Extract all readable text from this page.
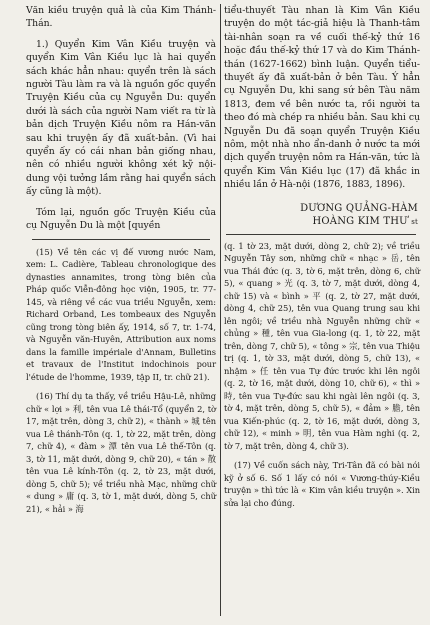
Văn kiều truyện quả là của Kim Thánh-Thán.

1.) Quyển Kim Vân Kiều truyện và quyển Kim Vân Kiều lục là hai quyển sách khác hẳn nhau: quyển trên là sách người Tàu làm ra và là nguồn gốc quyển Truyện Kiều của cụ Nguyễn Du: quyển dưới là sách của người Nam viết ra từ là bản dịch Truyện Kiều nôm ra Hán-văn sau khi truyện ấy đã xuất-bản. (Vì hai quyển ấy có cái nhan bản giống nhau, nên có nhiều người không xét kỹ nội-dung vội tưởng lầm rằng hai quyển sách ấy cũng là một).

Tóm lại, nguồn gốc Truyện Kiều của cụ Nguyễn Du là một [quyền

(15) Về tên các vị đế vương nước Nam, xem: L. Cadière, Tableau chronologique des dynasties annamites, trong tòng biên của Pháp quốc Viễn-đông học viện, 1905, tr. 77-145, và riêng về các vua triều Nguyễn, xem: Richard Orband, Les tombeaux des Nguyễn cũng trong tòng biên ấy, 1914, số 7, tr. 1-74, và Nguyễn văn-Huyên, Attribution aux noms dans la famille impériale d'Annam, Bulletins et travaux de l'Institut indochinois pour l'étude de l'homme, 1939, tập II, tr. chữ 21).

(16) Thí dụ ta thấy, về triều Hậu-Lê, những chữ « lợi » 利, tên vua Lê thái-Tổ (quyển 2, tờ 17, mặt trên, dòng 3, chữ 2), « thành » 城 tên vua Lê thánh-Tôn (q. 1, tờ 22, mặt trên, dòng 7, chữ 4), « đàm » 潭 tên vua Lê thế-Tôn (q. 3, tờ 11, mặt dưới, dòng 9, chữ 20), « tán » 散 tên vua Lê kính-Tôn (q. 2, tờ 23, mặt dưới, dòng 5, chữ 5); về triều nhà Mạc, những chữ « dung » 庸 (q. 3, tờ 1, mặt dưới, dòng 5, chữ 21), « hải » 海

tiểu-thuyết Tàu nhan là Kim Vân Kiều truyện do một tác-giả hiệu là Thanh-tâm tài-nhân soạn ra về cuối thế-kỷ thứ 16 hoặc đầu thế-kỷ thứ 17 và do Kim Thánh-thán (1627-1662) bình luận. Quyển tiểu-thuyết ấy đã xuất-bản ở bên Tàu. Ý hẳn cụ Nguyễn Du, khi sang sứ bên Tàu năm 1813, đem về bên nước ta, rồi người ta theo đó mà chép ra nhiều bản. Sau khi cụ Nguyễn Du đã soạn quyển Truyện Kiều nôm, một nhà nho ẩn-danh ở nước ta mới dịch quyển truyện nôm ra Hán-văn, tức là quyển Kim Vân Kiều lục (17) đã khắc in nhiều lần ở Hà-nội (1876, 1883, 1896).

DƯƠNG QUẢNG-HÀM

HOÀNG KIM THƯ st

(q. 1 tờ 23, mặt dưới, dòng 2, chữ 2); về triều Nguyễn Tây sơn, những chữ « nhạc » 岳, tên vua Thái đức (q. 3, tờ 6, mặt trên, dòng 6, chữ 5), « quang » 光 (q. 3, tờ 7, mặt dưới, dòng 4, chữ 15) và « bình » 平 (q. 2, tờ 27, mặt dưới, dòng 4, chữ 25), tên vua Quang trung sau khi lên ngôi; về triều nhà Nguyễn những chữ « chủng » 種, tên vua Gia-long (q. 1, tờ 22, mặt trên, dòng 7, chữ 5), « tông » 宗, tên vua Thiệu trị (q. 1, tờ 33, mặt dưới, dòng 5, chữ 13), « nhậm » 任 tên vua Tự đức trước khi lên ngôi (q. 2, tờ 16, mặt dưới, dòng 10, chữ 6), « thì » 時, tên vua Tự-đức sau khi ngài lên ngôi (q. 3, tờ 4, mặt trên, dòng 5, chữ 5), « đảm » 膽, tên vua Kiến-phúc (q. 2, tờ 16, mặt dưới, dòng 3, chữ 12), « minh » 明, tên vua Hàm nghi (q. 2, tờ 7, mặt trên, dòng 4, chữ 3).

(17) Về cuốn sách này, Tri-Tân đã có bài nói kỹ ở số 6. Số 1 lấy có nói « Vương-thúy-Kiều truyện » thì tức là « Kim vân kiều truyện ». Xin sửa lại cho đúng.
